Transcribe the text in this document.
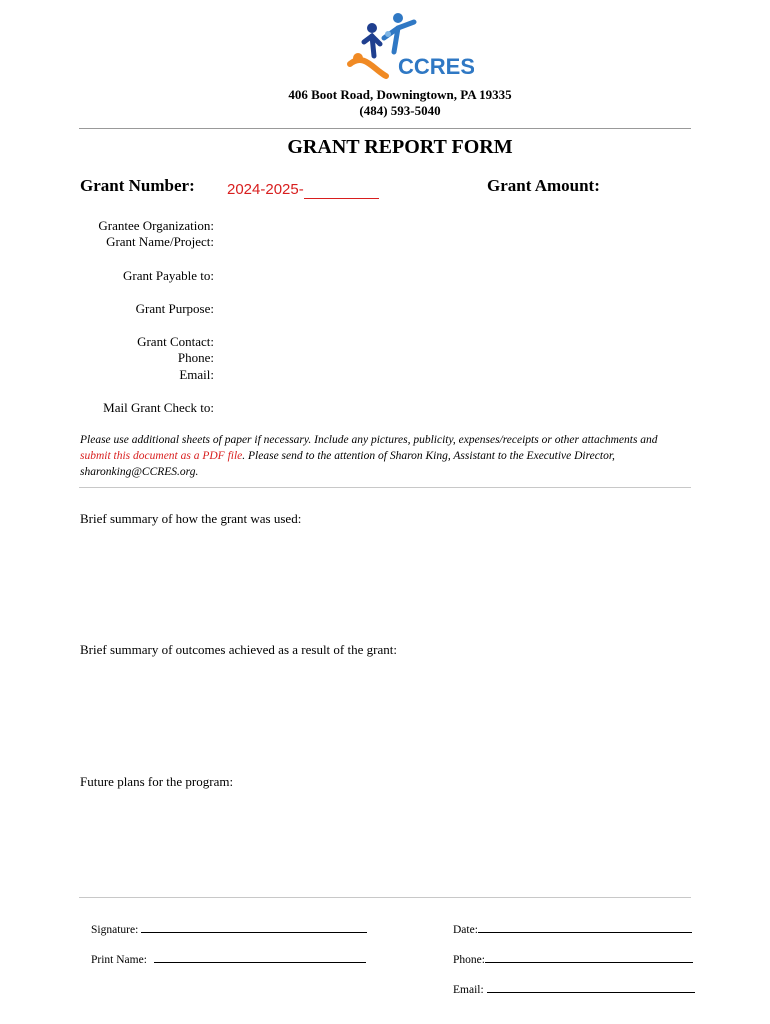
CCRES
406 Boot Road, Downingtown, PA 19335
(484) 593-5040
GRANT REPORT FORM
Grant Number: 2024-2025-	Grant Amount:
Grantee Organization:
Grant Name/Project:
Grant Payable to:
Grant Purpose:
Grant Contact:
Phone:
Email:
Mail Grant Check to:
Please use additional sheets of paper if necessary. Include any pictures, publicity, expenses/receipts or other attachments and submit this document as a PDF file. Please send to the attention of Sharon King, Assistant to the Executive Director, sharonking@CCRES.org.
Brief summary of how the grant was used:
Brief summary of outcomes achieved as a result of the grant:
Future plans for the program:
Signature:
Print Name:
Date:
Phone:
Email:
